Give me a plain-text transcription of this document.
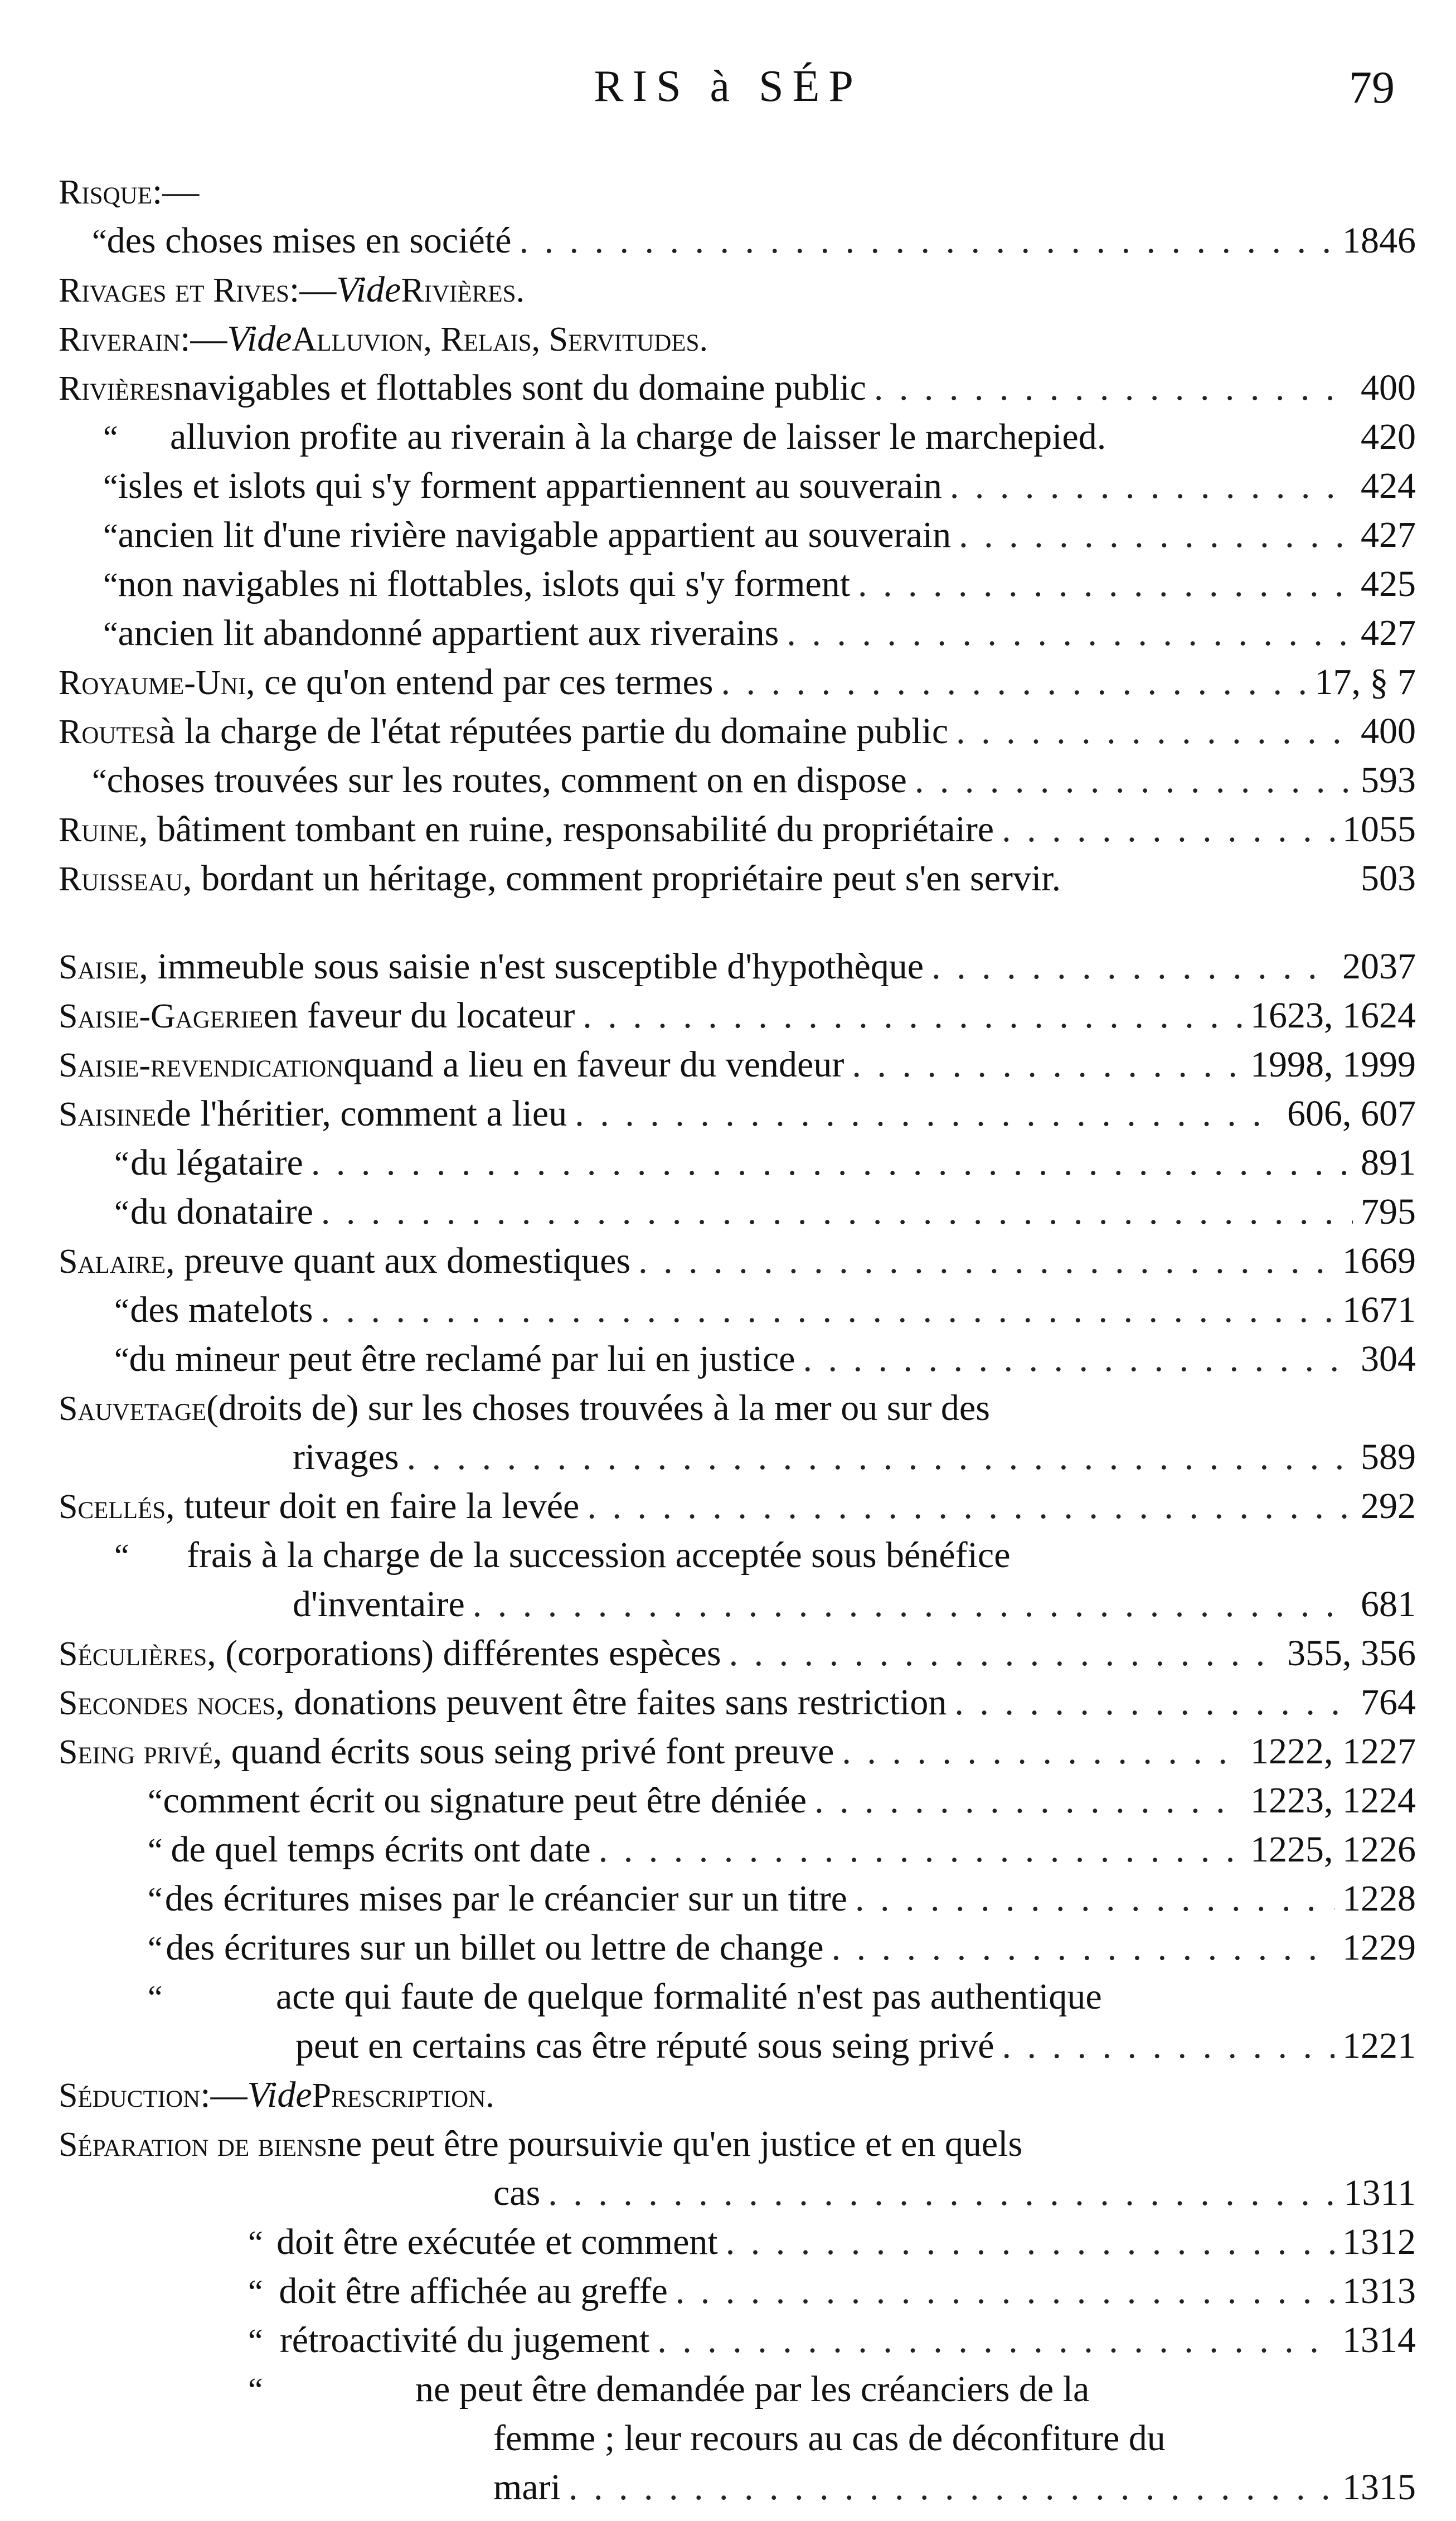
RIS à SÉP	79
Risque :—
“ des choses mises en société . . .	1846
Rivages et Rives :— Vide Rivières.
Riverain :— Vide Alluvion, Relais, Servitudes.
Rivières navigables et flottables sont du domaine public . . .	400
“	alluvion profite au riverain à la charge de laisser le marchepied.	420
“ isles et islots qui s'y forment appartiennent au souverain . . .	424
“ ancien lit d'une rivière navigable appartient au souverain . . .	427
“ non navigables ni flottables, islots qui s'y forment . . .	425
“ ancien lit abandonné appartient aux riverains . . .	427
Royaume-Uni , ce qu'on entend par ces termes . . .	17, § 7
Routes à la charge de l'état réputées partie du domaine public . . .	400
“ choses trouvées sur les routes, comment on en dispose . . .	593
Ruine , bâtiment tombant en ruine, responsabilité du propriétaire . . .	1055
Ruisseau , bordant un héritage, comment propriétaire peut s'en servir.	503
Saisie , immeuble sous saisie n'est susceptible d'hypothèque . . .	2037
Saisie-Gagerie en faveur du locateur . . .	1623, 1624
Saisie-revendication quand a lieu en faveur du vendeur . . .	1998, 1999
Saisine de l'héritier, comment a lieu . . .	606, 607
“ du légataire . . .	891
“ du donataire . . .	795
Salaire , preuve quant aux domestiques . . .	1669
“ des matelots . . .	1671
“ du mineur peut être reclamé par lui en justice . . .	304
Sauvetage (droits de) sur les choses trouvées à la mer ou sur des
rivages . . .	589
Scellés , tuteur doit en faire la levée . . .	292
“	frais à la charge de la succession acceptée sous bénéfice
d'inventaire . . .	681
Séculières , (corporations) différentes espèces . . .	355, 356
Secondes noces , donations peuvent être faites sans restriction . . .	764
Seing privé , quand écrits sous seing privé font preuve . . .	1222, 1227
“ comment écrit ou signature peut être déniée . . .	1223, 1224
“ de quel temps écrits ont date . . .	1225, 1226
“ des écritures mises par le créancier sur un titre . . .	1228
“ des écritures sur un billet ou lettre de change . . .	1229
“	acte qui faute de quelque formalité n'est pas authentique
peut en certains cas être réputé sous seing privé . . .	1221
Séduction :— Vide Prescription.
Séparation de biens ne peut être poursuivie qu'en justice et en quels
cas . . .	1311
“ doit être exécutée et comment . . .	1312
“ doit être affichée au greffe . . .	1313
“ rétroactivité du jugement . . .	1314
“	ne peut être demandée par les créanciers de la
femme ; leur recours au cas de déconfiture du
mari . . .	1315
